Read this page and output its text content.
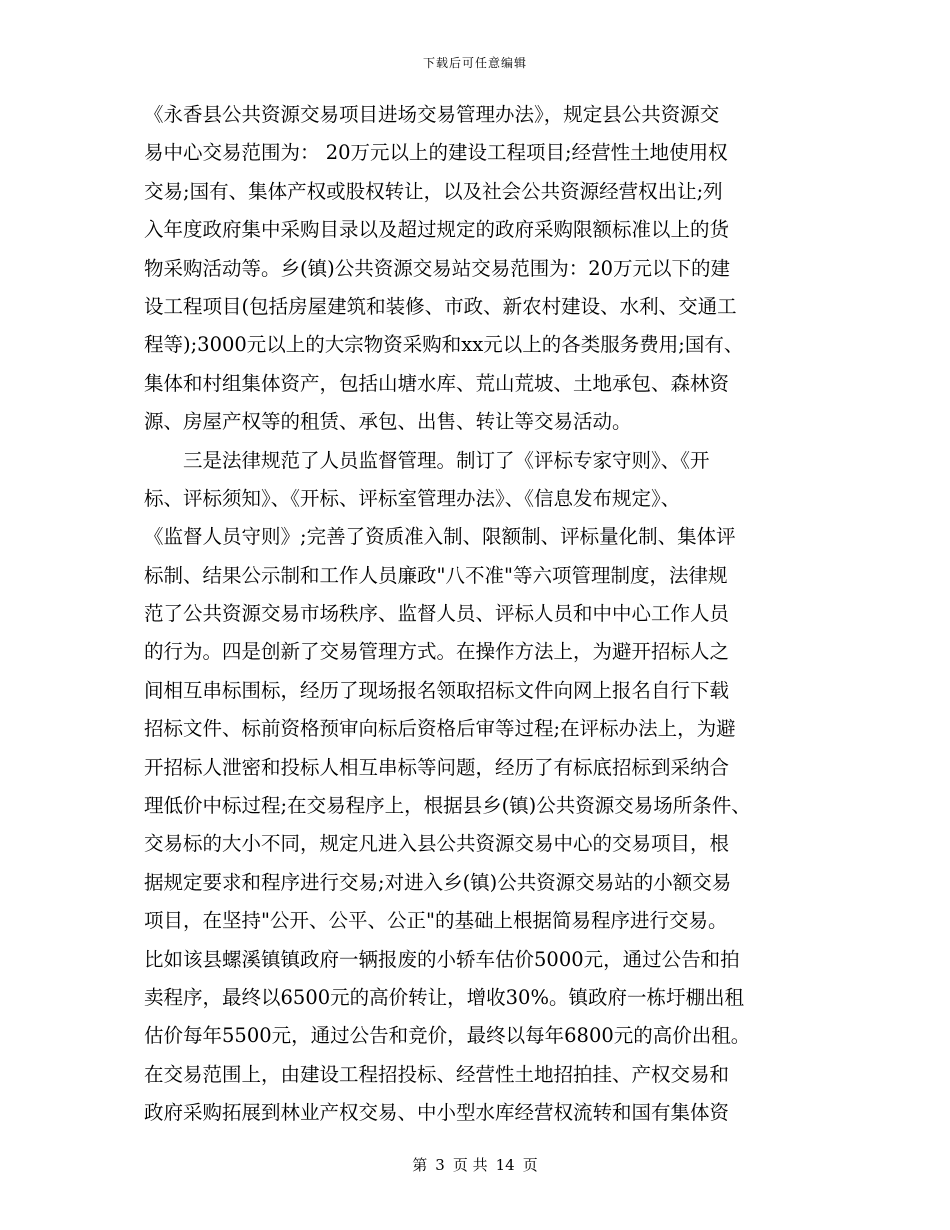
下载后可任意编辑
《永香县公共资源交易项目进场交易管理办法》，规定县公共资源交
易中心交易范围为： 20万元以上的建设工程项目;经营性土地使用权
交易;国有、集体产权或股权转让，以及社会公共资源经营权出让;列
入年度政府集中采购目录以及超过规定的政府采购限额标准以上的货
物采购活动等。乡(镇)公共资源交易站交易范围为：20万元以下的建
设工程项目(包括房屋建筑和装修、市政、新农村建设、水利、交通工
程等);3000元以上的大宗物资采购和xx元以上的各类服务费用;国有、
集体和村组集体资产，包括山塘水库、荒山荒坡、土地承包、森林资
源、房屋产权等的租赁、承包、出售、转让等交易活动。
　　三是法律规范了人员监督管理。制订了《评标专家守则》、《开
标、评标须知》、《开标、评标室管理办法》、《信息发布规定》、
《监督人员守则》;完善了资质准入制、限额制、评标量化制、集体评
标制、结果公示制和工作人员廉政"八不准"等六项管理制度，法律规
范了公共资源交易市场秩序、监督人员、评标人员和中中心工作人员
的行为。四是创新了交易管理方式。在操作方法上，为避开招标人之
间相互串标围标，经历了现场报名领取招标文件向网上报名自行下载
招标文件、标前资格预审向标后资格后审等过程;在评标办法上，为避
开招标人泄密和投标人相互串标等问题，经历了有标底招标到采纳合
理低价中标过程;在交易程序上，根据县乡(镇)公共资源交易场所条件、
交易标的大小不同，规定凡进入县公共资源交易中心的交易项目，根
据规定要求和程序进行交易;对进入乡(镇)公共资源交易站的小额交易
项目，在坚持"公开、公平、公正"的基础上根据简易程序进行交易。
比如该县螺溪镇镇政府一辆报废的小轿车估价5000元，通过公告和拍
卖程序，最终以6500元的高价转让，增收30%。镇政府一栋圩棚出租
估价每年5500元，通过公告和竞价，最终以每年6800元的高价出租。
在交易范围上，由建设工程招投标、经营性土地招拍挂、产权交易和
政府采购拓展到林业产权交易、中小型水库经营权流转和国有集体资
第 3 页 共 14 页
